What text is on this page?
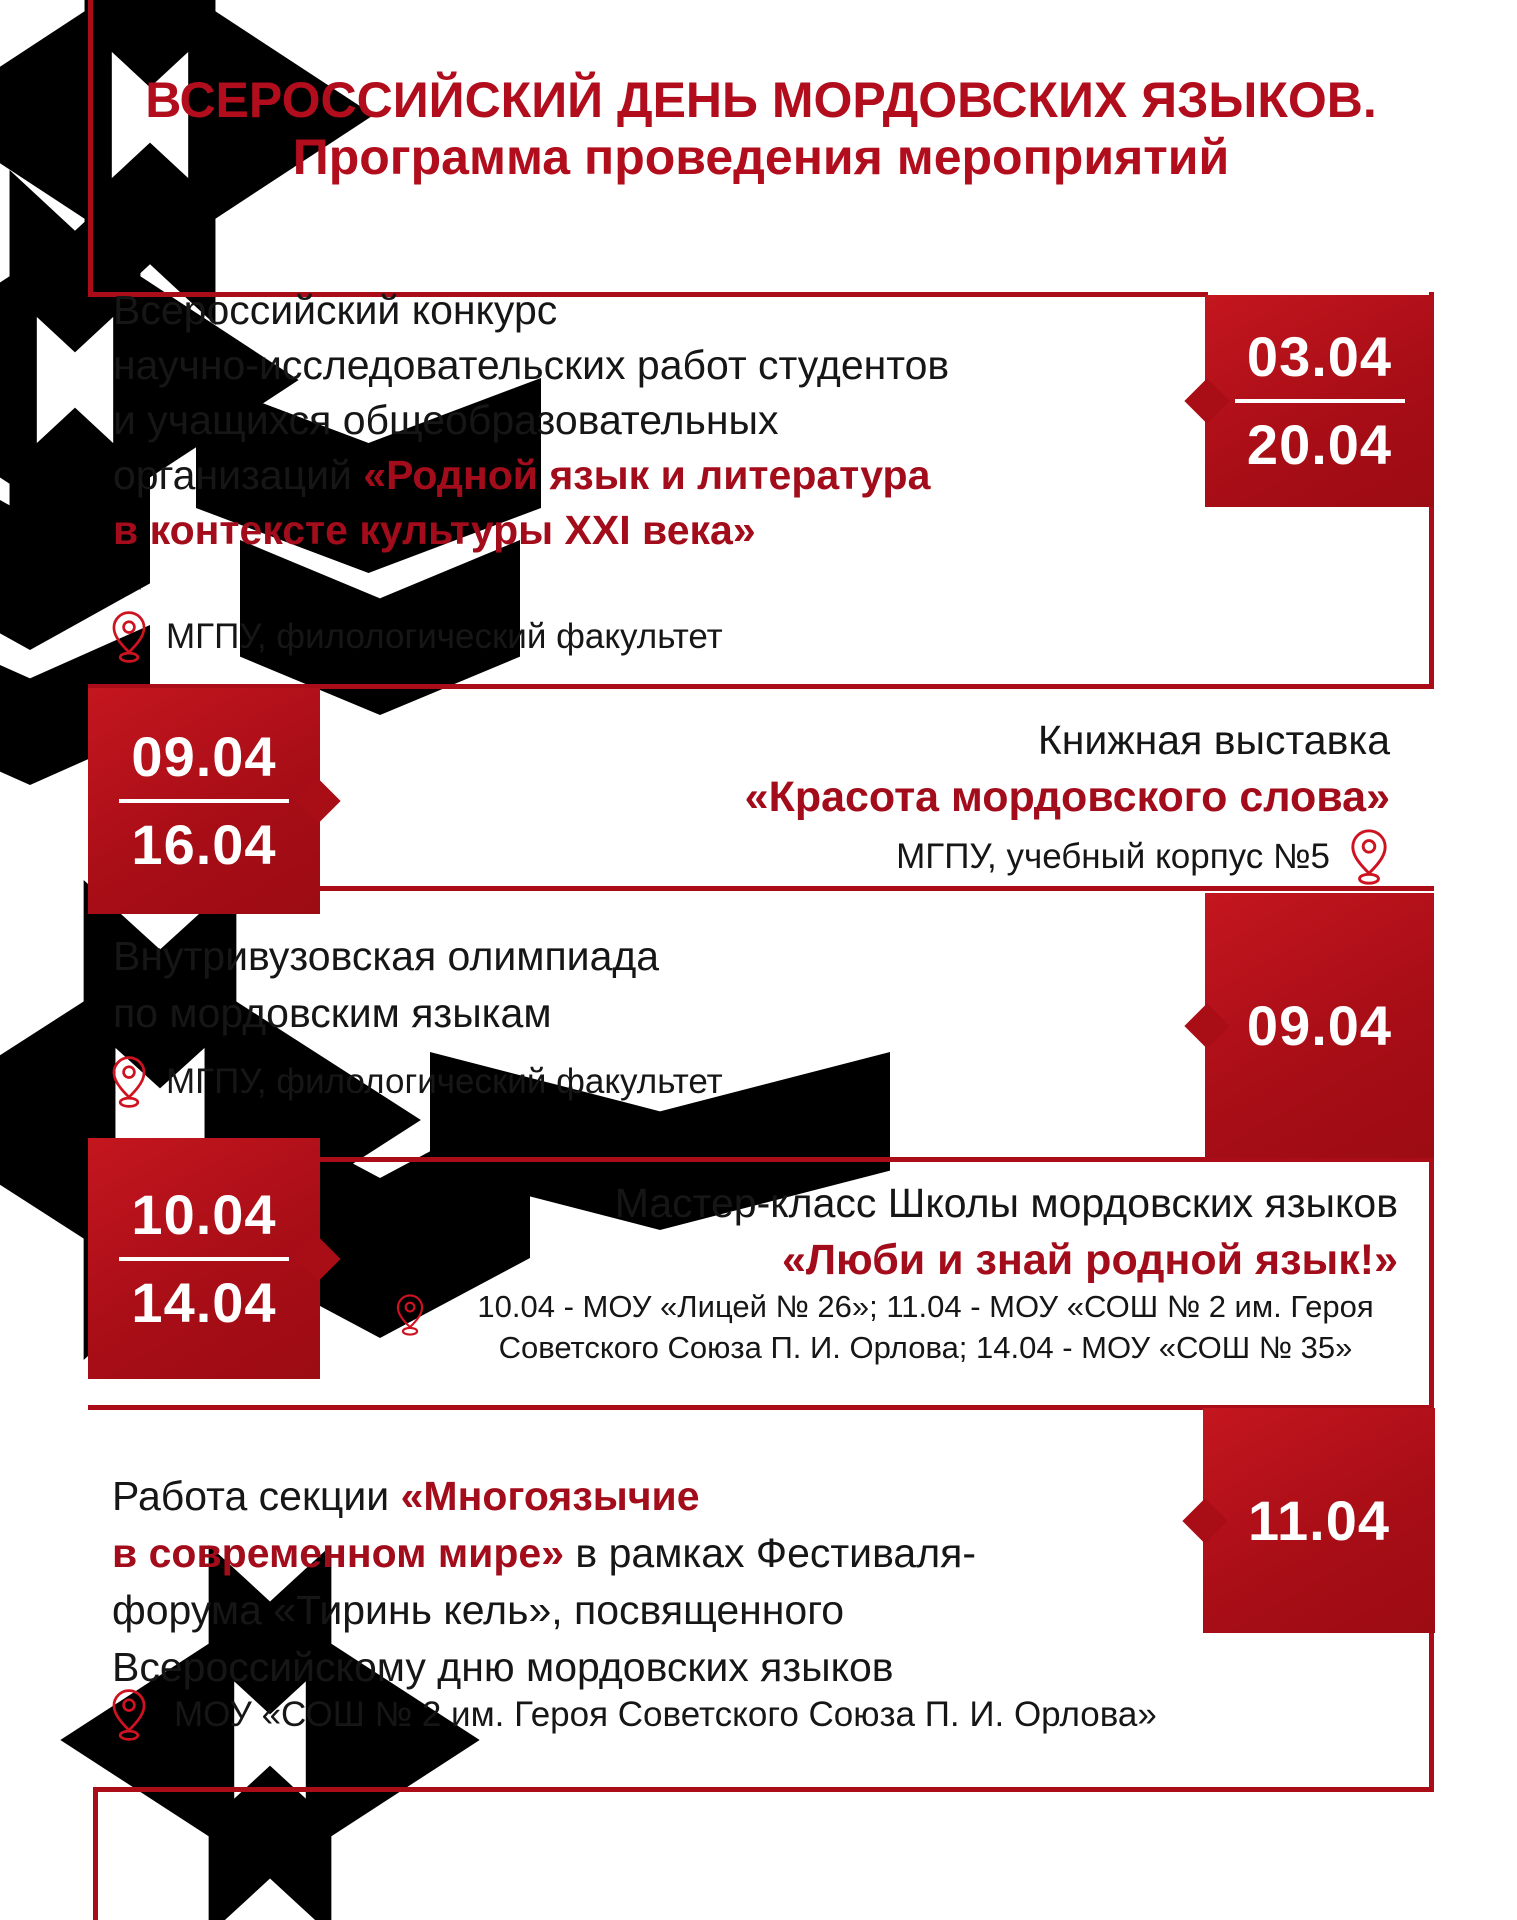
03.04
20.04
09.04
16.04
09.04
10.04
14.04
11.04
ВСЕРОССИЙСКИЙ ДЕНЬ МОРДОВСКИХ ЯЗЫКОВ.
Программа проведения мероприятий
Всероссийский конкурс
научно-исследовательских работ студентов
и учащихся общеобразовательных
организаций «Родной язык и литература
в контексте культуры XXI века»
МГПУ, филологический факультет
Книжная выставка
«Красота мордовского слова»
МГПУ, учебный корпус №5
Внутривузовская олимпиада
по мордовским языкам
МГПУ, филологический факультет
Мастер-класс Школы мордовских языков
«Люби и знай родной язык!»
10.04 - МОУ «Лицей № 26»; 11.04 - МОУ «СОШ № 2 им. Героя
Советского Союза П. И. Орлова; 14.04 - МОУ «СОШ № 35»
Работа секции «Многоязычие
в современном мире» в рамках Фестиваля-
форума «Тиринь кель», посвященного
Всероссийскому дню мордовских языков
МОУ «СОШ № 2 им. Героя Советского Союза П. И. Орлова»
